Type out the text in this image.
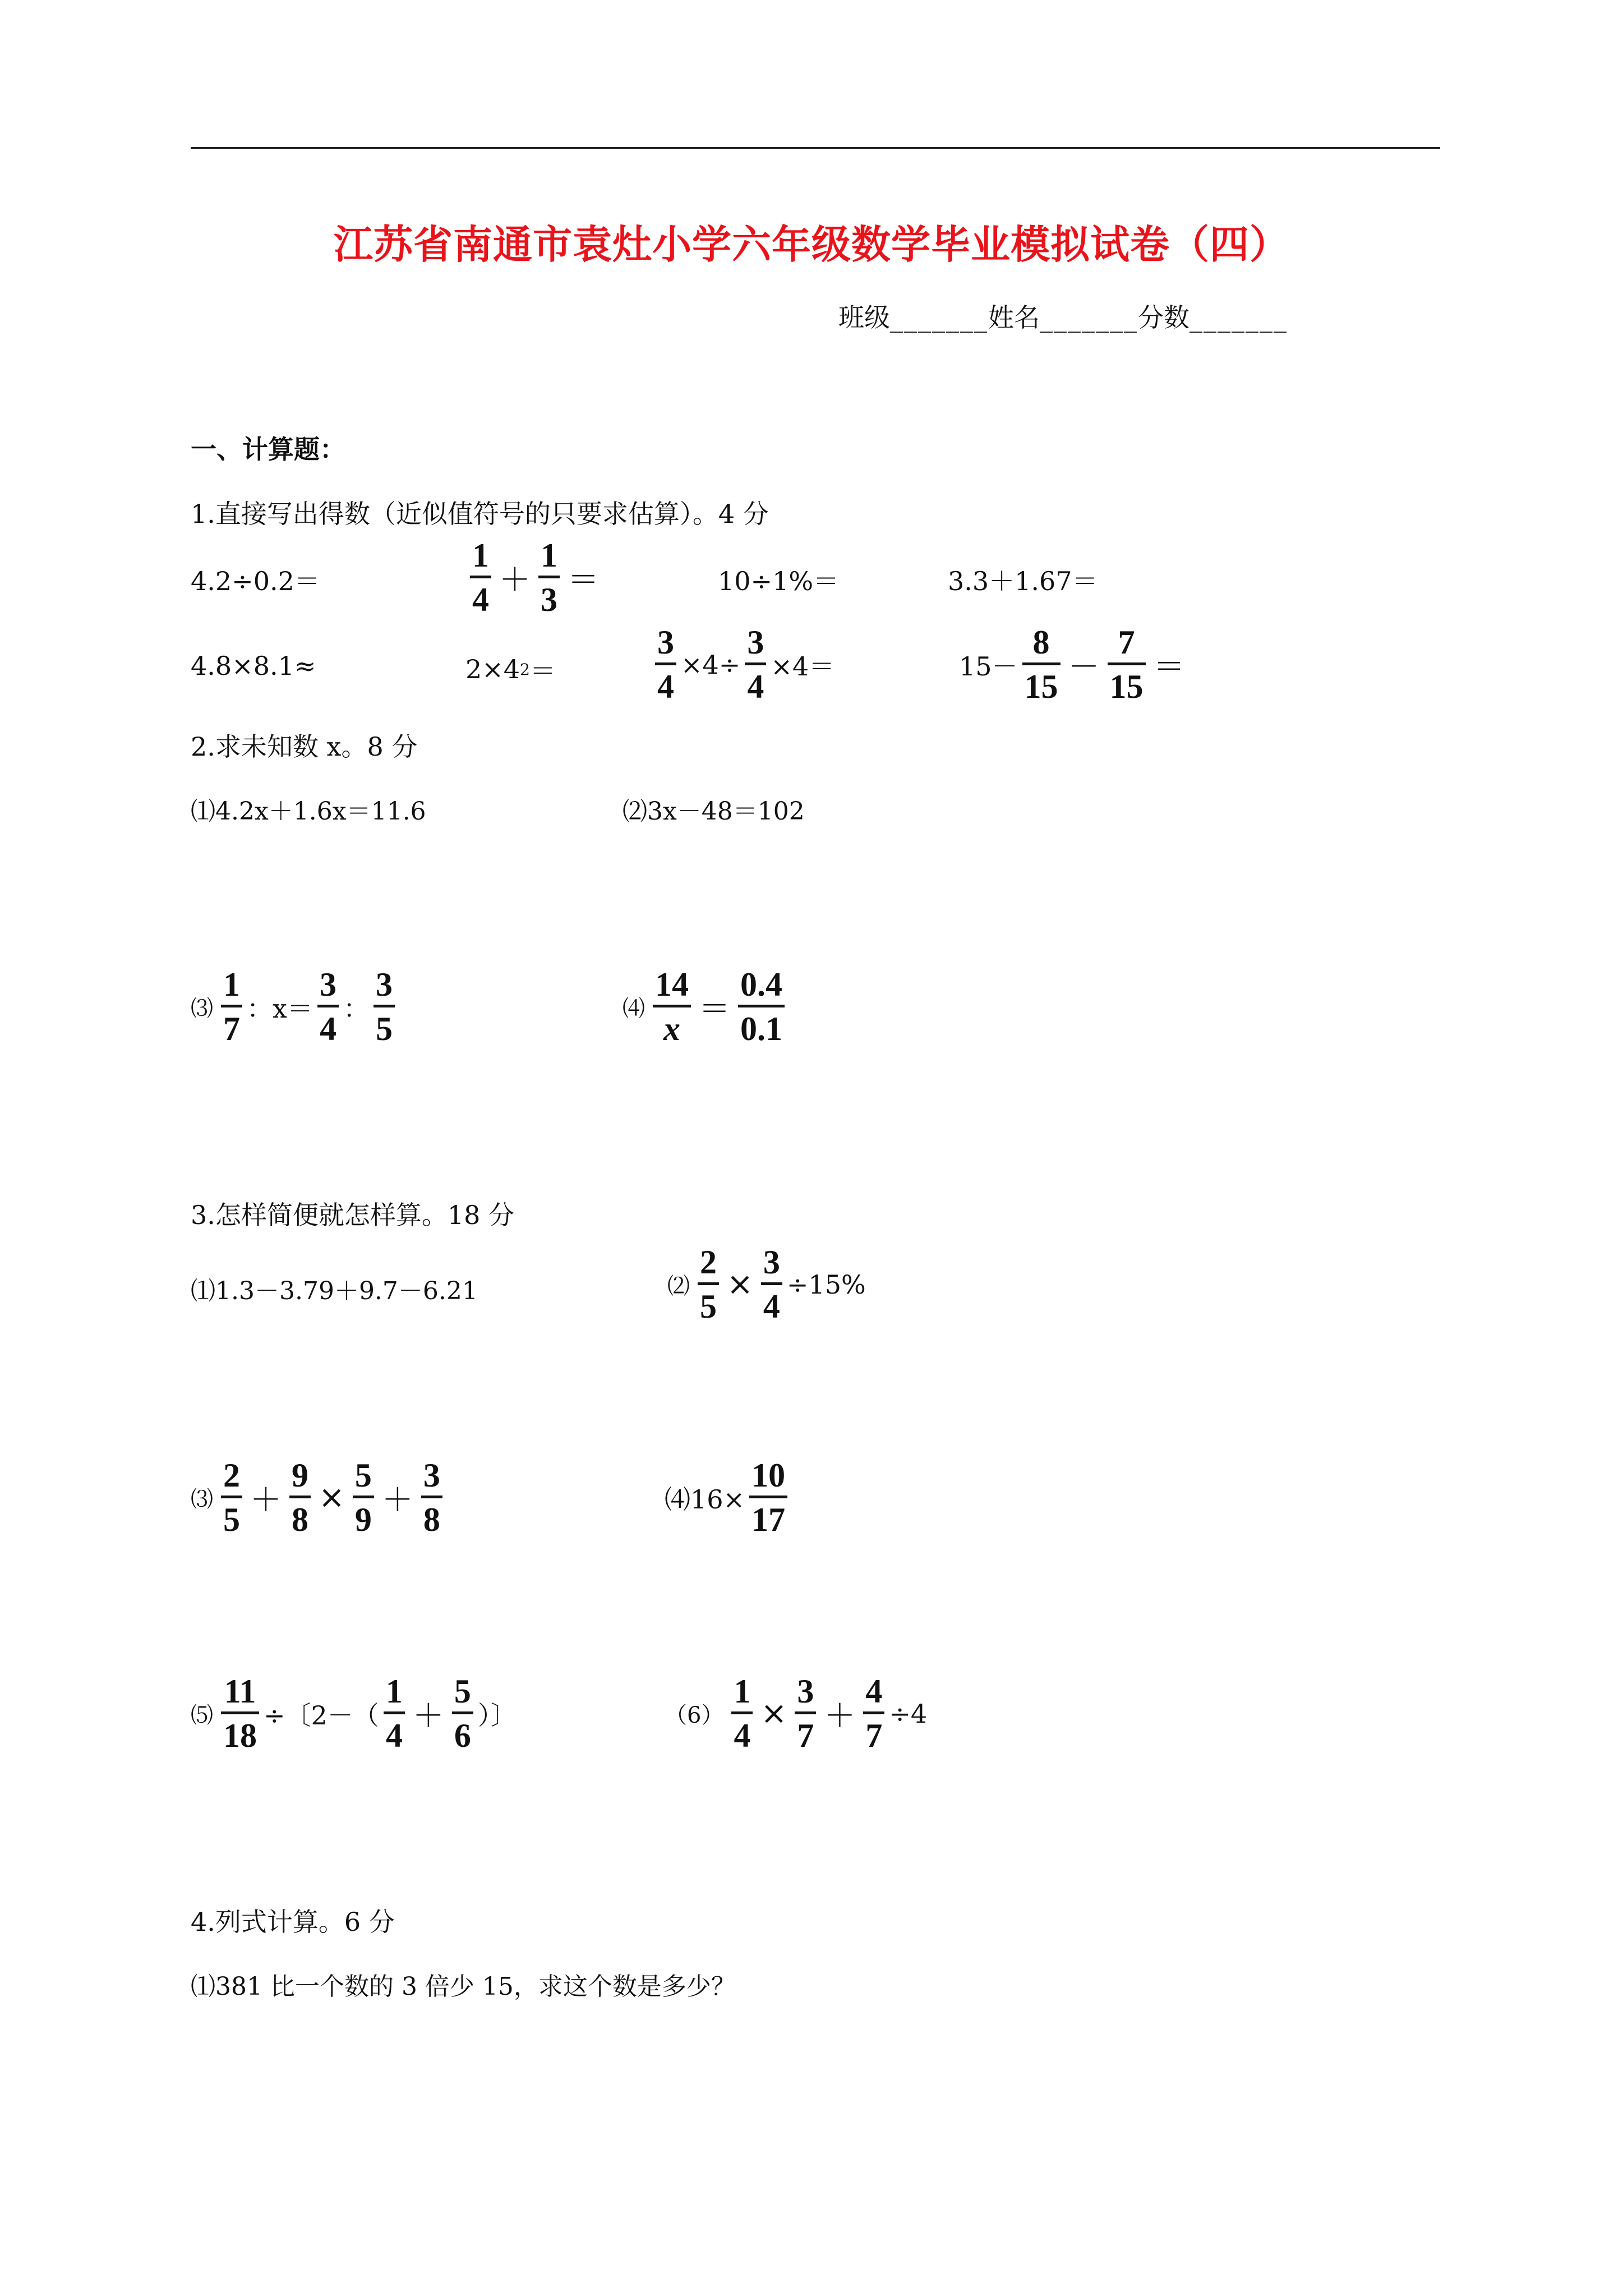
江苏省南通市袁灶小学六年级数学毕业模拟试卷（四）
班级_______姓名_______分数_______
一、计算题：
1.直接写出得数（近似值符号的只要求估算）。4 分
4.2÷0.2＝
1
4
＋
1
3
＝	10÷1%＝	3.3＋1.67＝
4.8×8.1≈	2×4 2 ＝
3
4
×4÷
3
4
×4＝	15－
8
15
－
7
15
＝
2.求未知数 x。8 分
⑴4.2x＋1.6x＝11.6	⑵3x－48＝102
⑶
1
7
：x＝
3
4
：
3
5
⑷
14
x
＝
0.4
0.1
3.怎样简便就怎样算。18 分
⑴1.3－3.79＋9.7－6.21	⑵
2
5
×
3
4
÷15%
⑶
2
5
＋
9
8
×
5
9
＋
3
8
⑷16×
10
17
⑸
11
18
÷〔2－（
1
4
＋
5
6
）〕	（6）
1
4
×
3
7
＋
4
7
÷4
4.列式计算。6 分
⑴381 比一个数的 3 倍少 15，求这个数是多少？
